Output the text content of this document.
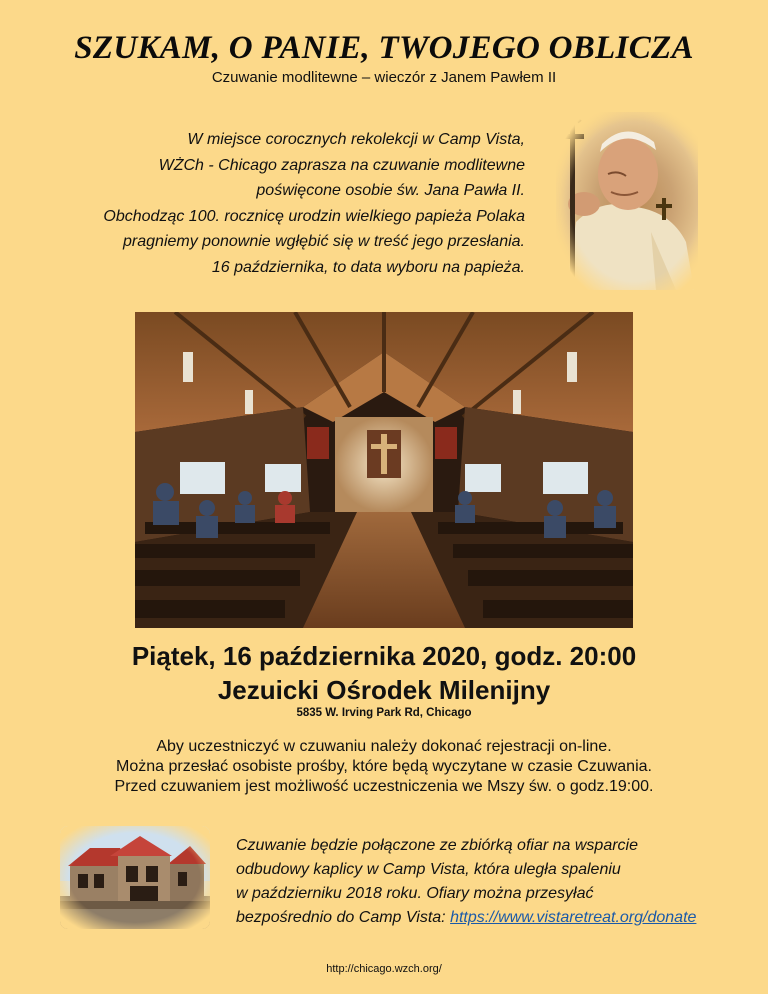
SZUKAM, O PANIE, TWOJEGO OBLICZA
Czuwanie modlitewne – wieczór z Janem Pawłem II
W miejsce corocznych rekolekcji w Camp Vista,
WŻCh - Chicago zaprasza na czuwanie modlitewne
poświęcone osobie św. Jana Pawła II.
Obchodząc 100. rocznicę urodzin wielkiego papieża Polaka
pragniemy ponownie wgłębić się w treść jego przesłania.
16 października, to data wyboru na papieża.
Piątek, 16 października 2020, godz. 20:00
Jezuicki Ośrodek Milenijny
5835 W. Irving Park Rd, Chicago
Aby uczestniczyć w czuwaniu należy dokonać rejestracji on-line.
Można przesłać osobiste prośby, które będą wyczytane w czasie Czuwania.
Przed czuwaniem jest możliwość uczestniczenia we Mszy św. o godz.19:00.
Czuwanie będzie połączone ze zbiórką ofiar na wsparcie
odbudowy kaplicy w Camp Vista, która uległa spaleniu
w październiku 2018 roku. Ofiary można przesyłać
bezpośrednio do Camp Vista: https://www.vistaretreat.org/donate
http://chicago.wzch.org/
